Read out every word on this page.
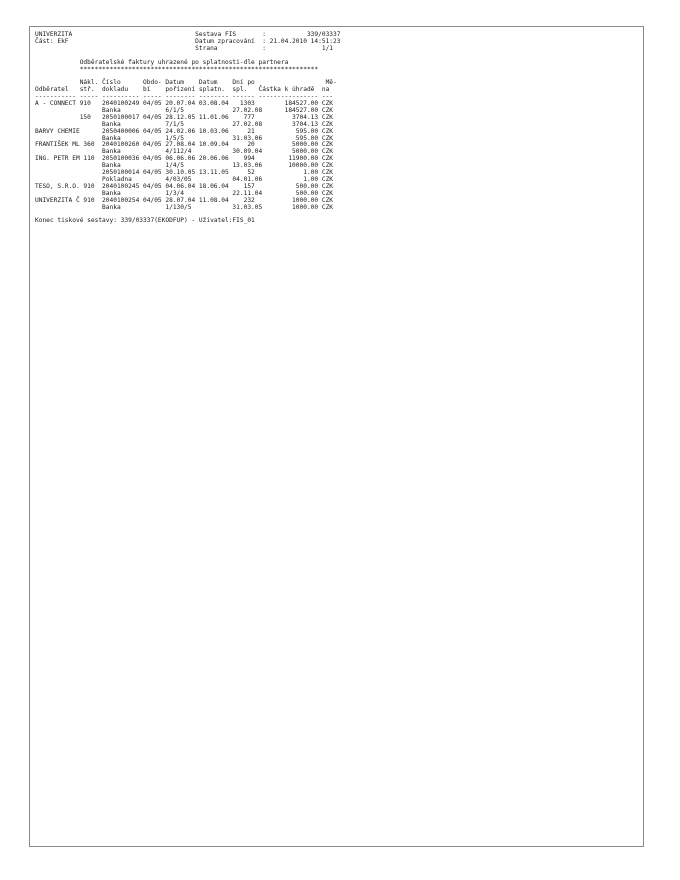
UNIVERZITA                                 Sestava FIS       :           339/03337
Část: EkF                                  Datum zpracování  : 21.04.2010 14:51:23
Strana            :               1/1
Odběratelské faktury uhrazené po splatnosti-dle partnera
****************************************************************
Nákl. Číslo      Obdo- Datum    Datum    Dní po                   Mě-
Odběratel   stř.  dokladu    bí    pořízení splatn.  spl.   Částka k úhradě  na
----------- ----- ---------- ----- -------- -------- ------ ---------------- ---
A - CONNECT 910   2040100249 04/05 20.07.04 03.08.04   1303        184527.00 CZK
Banka            6/1/5             27.02.08      184527.00 CZK
150   2050100017 04/05 28.12.05 11.01.06    777          3704.13 CZK
Banka            7/1/5             27.02.08        3704.13 CZK
BARVY CHEMIE      2050400006 04/05 24.02.06 10.03.06     21           595.00 CZK
Banka            1/5/5             31.03.06         595.00 CZK
FRANTIŠEK ML 360  2040100260 04/05 27.08.04 10.09.04     20          5000.00 CZK
Banka            4/112/4           30.09.04        5000.00 CZK
ING. PETR EM 110  2050100036 04/05 06.06.06 20.06.06    994         11900.00 CZK
Banka            1/4/5             13.03.06       10000.00 CZK
2050100014 04/05 30.10.05 13.11.05     52             1.00 CZK
Pokladna         4/03/05           04.01.06           1.00 CZK
TESO, S.R.O. 910  2040100245 04/05 04.06.04 18.06.04    157           500.00 CZK
Banka            1/3/4             22.11.04         500.00 CZK
UNIVERZITA Č 910  2040100254 04/05 28.07.04 11.08.04    232          1000.00 CZK
Banka            1/130/5           31.03.05        1000.00 CZK
Konec tiskové sestavy: 339/03337(EKODFUP) - Uživatel:FIS_01
